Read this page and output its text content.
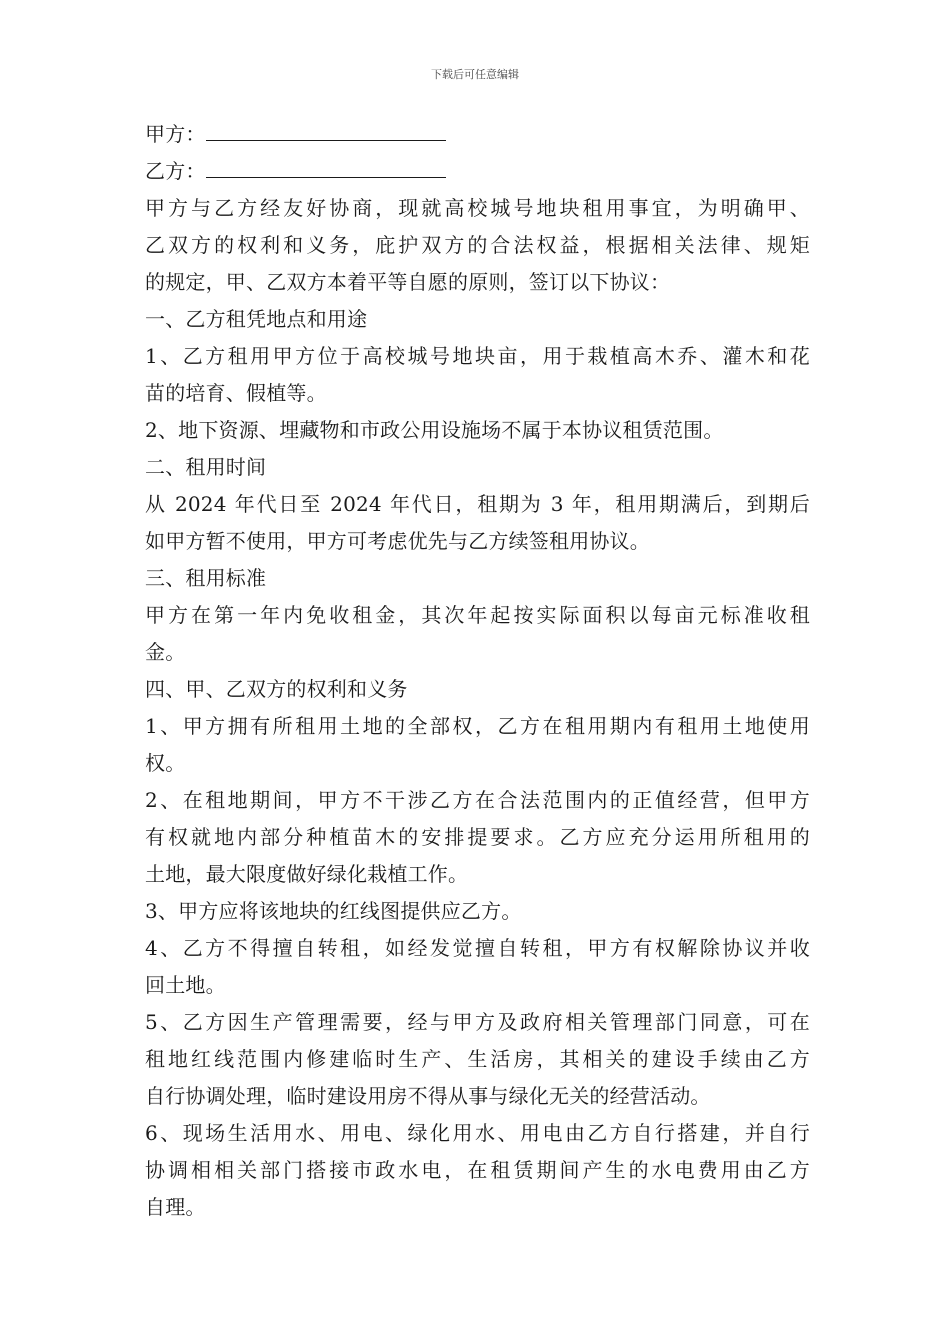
下载后可任意编辑
甲方：
乙方：
甲方与乙方经友好协商，现就高校城号地块租用事宜，为明确甲、
乙双方的权利和义务，庇护双方的合法权益，根据相关法律、规矩
的规定，甲、乙双方本着平等自愿的原则，签订以下协议：
一、乙方租凭地点和用途
1、乙方租用甲方位于高校城号地块亩，用于栽植高木乔、灌木和花
苗的培育、假植等。
2、地下资源、埋藏物和市政公用设施场不属于本协议租赁范围。
二、租用时间
从 2024 年代日至 2024 年代日，租期为 3 年，租用期满后，到期后
如甲方暂不使用，甲方可考虑优先与乙方续签租用协议。
三、租用标准
甲方在第一年内免收租金，其次年起按实际面积以每亩元标准收租
金。
四、甲、乙双方的权利和义务
1、甲方拥有所租用土地的全部权，乙方在租用期内有租用土地使用
权。
2、在租地期间，甲方不干涉乙方在合法范围内的正值经营，但甲方
有权就地内部分种植苗木的安排提要求。乙方应充分运用所租用的
土地，最大限度做好绿化栽植工作。
3、甲方应将该地块的红线图提供应乙方。
4、乙方不得擅自转租，如经发觉擅自转租，甲方有权解除协议并收
回土地。
5、乙方因生产管理需要，经与甲方及政府相关管理部门同意，可在
租地红线范围内修建临时生产、生活房，其相关的建设手续由乙方
自行协调处理，临时建设用房不得从事与绿化无关的经营活动。
6、现场生活用水、用电、绿化用水、用电由乙方自行搭建，并自行
协调相相关部门搭接市政水电，在租赁期间产生的水电费用由乙方
自理。
